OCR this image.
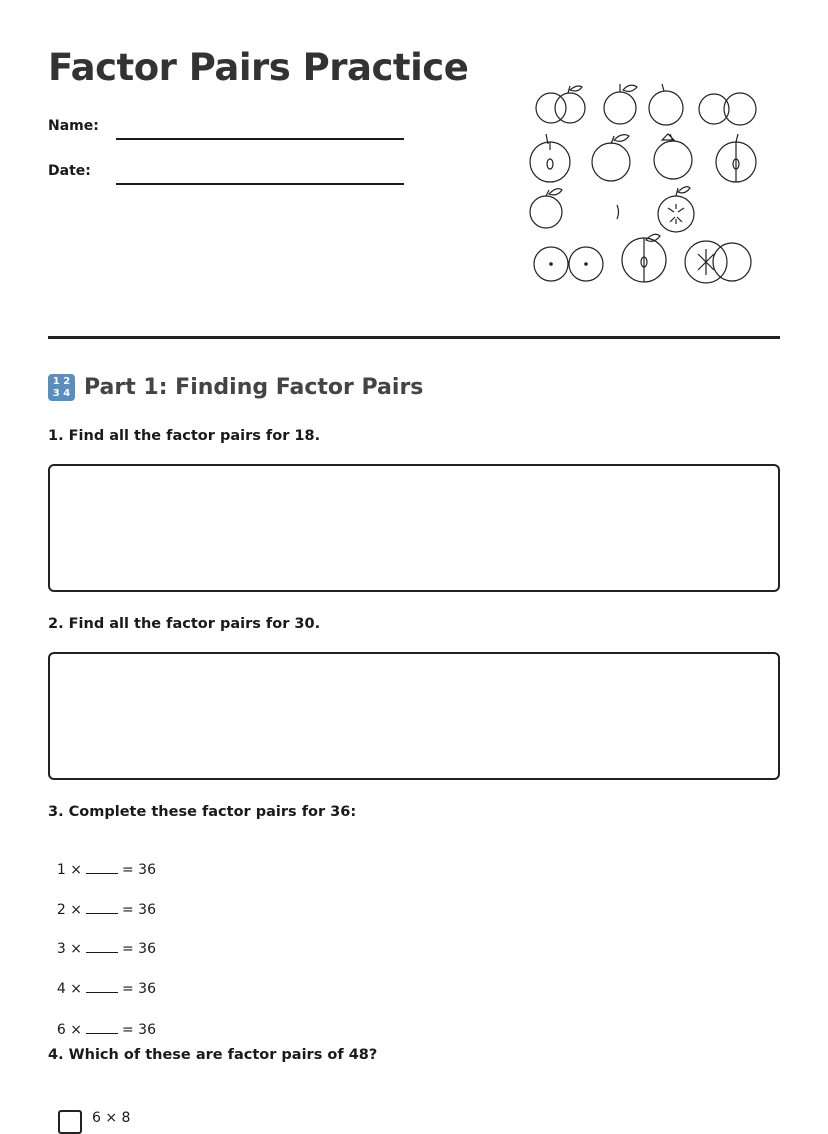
Factor Pairs Practice
Name:
Date:
1 2
3 4 Part 1: Finding Factor Pairs
1. Find all the factor pairs for 18.
2. Find all the factor pairs for 30.
3. Complete these factor pairs for 36:

1 ×	= 36

2 ×	= 36

3 ×	= 36

4 ×	= 36

6 ×	= 36

4. Which of these are factor pairs of 48?
6 × 8
